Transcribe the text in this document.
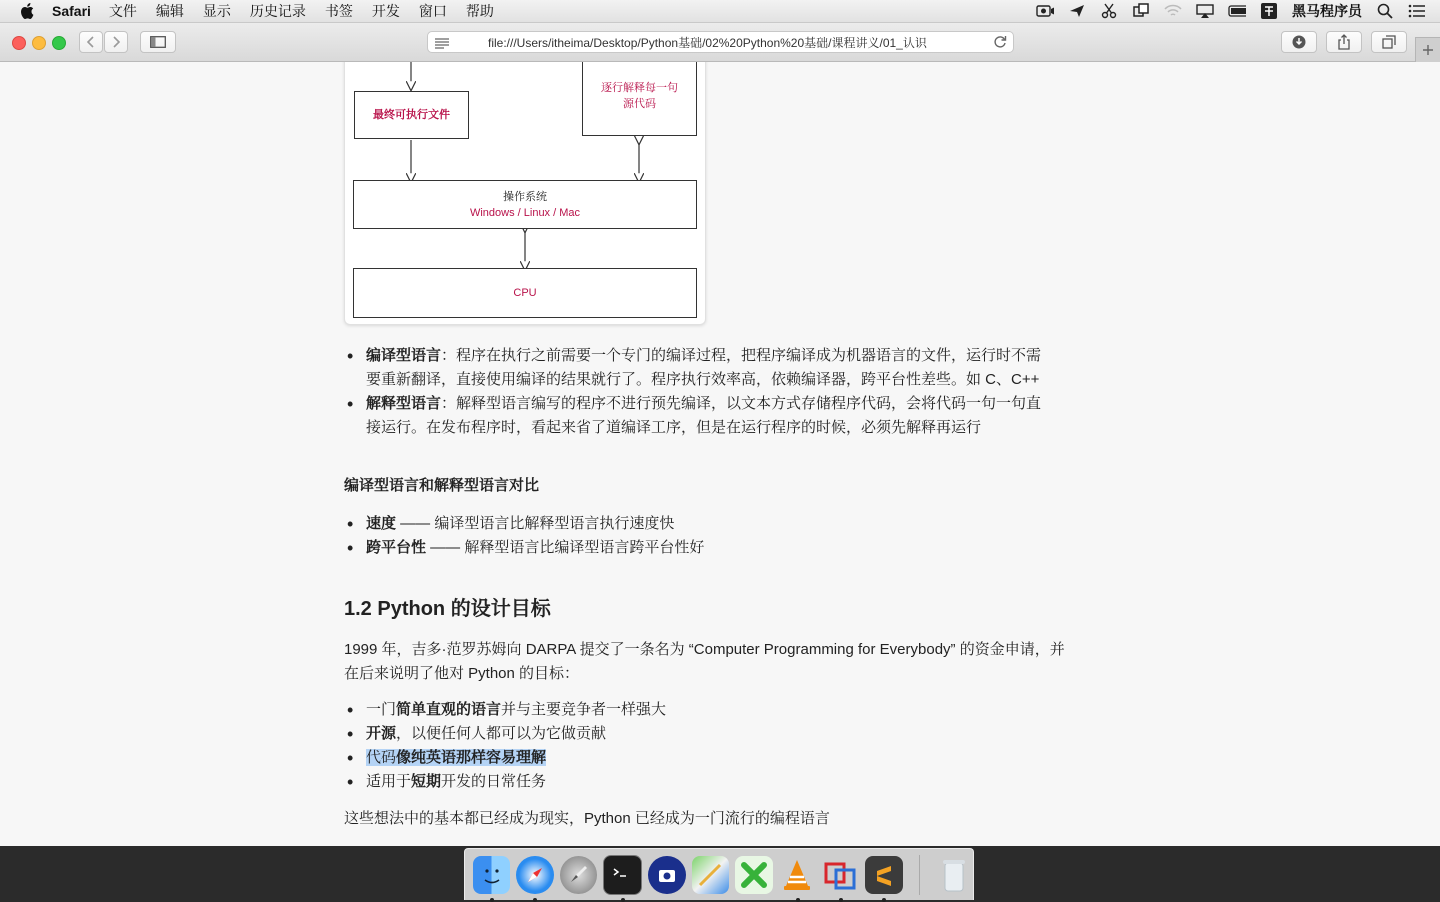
Safari 文件 编辑 显示 历史记录 书签 开发 窗口 帮助	黑马程序员
file:///Users/itheima/Desktop/Python基础/02%20Python%20基础/课程讲义/01_认识
最终可执行文件
逐行解释每一句
源代码
操作系统
Windows / Linux / Mac
CPU
• 编译型语言：程序在执行之前需要一个专门的编译过程，把程序编译成为机器语言的文件，运行时不需
要重新翻译，直接使用编译的结果就行了。程序执行效率高，依赖编译器，跨平台性差些。如 C、C++
• 解释型语言：解释型语言编写的程序不进行预先编译，以文本方式存储程序代码，会将代码一句一句直
接运行。在发布程序时，看起来省了道编译工序，但是在运行程序的时候，必须先解释再运行
编译型语言和解释型语言对比
• 速度 —— 编译型语言比解释型语言执行速度快
• 跨平台性 —— 解释型语言比编译型语言跨平台性好
1.2 Python 的设计目标

1999 年，吉多·范罗苏姆向 DARPA 提交了一条名为 “Computer Programming for Everybody” 的资金申请，并
在后来说明了他对 Python 的目标：

• 一门简单直观的语言并与主要竞争者一样强大
• 开源，以便任何人都可以为它做贡献
• 代码像纯英语那样容易理解
• 适用于短期开发的日常任务

这些想法中的基本都已经成为现实，Python 已经成为一门流行的编程语言
